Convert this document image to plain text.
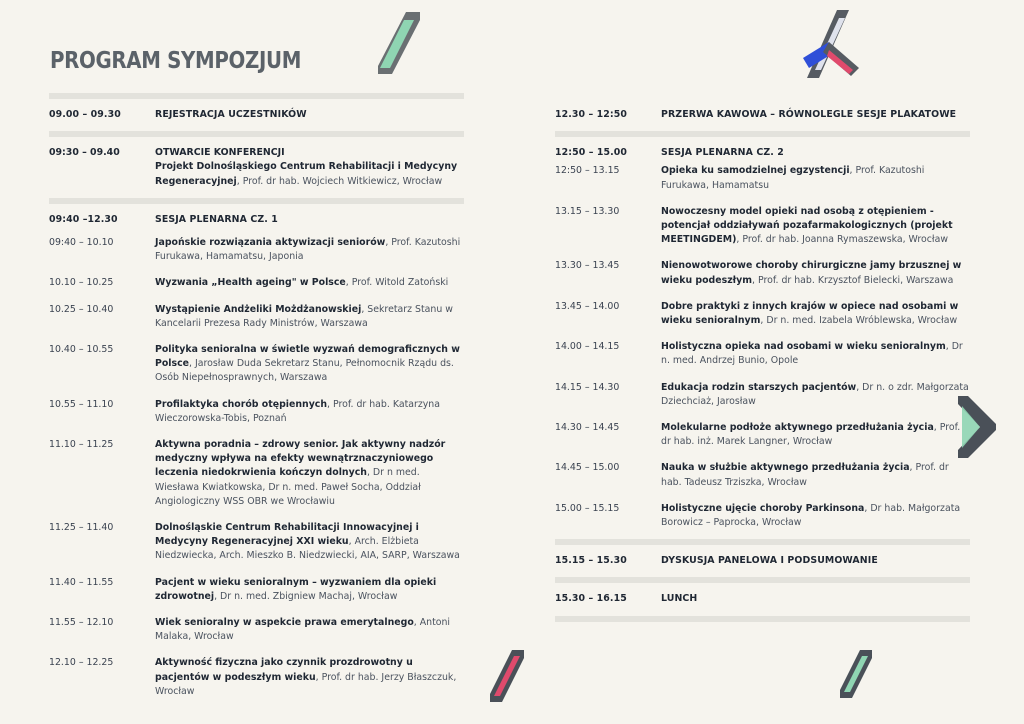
PROGRAM SYMPOZJUM
09.00 – 09.30	REJESTRACJA UCZESTNIKÓW
09:30 – 09.40	OTWARCIE KONFERENCJI
Projekt Dolnośląskiego Centrum Rehabilitacji i Medycyny Regeneracyjnej, Prof. dr hab. Wojciech Witkiewicz, Wrocław
09:40 –12.30	SESJA PLENARNA CZ. 1
09:40 – 10.10	Japońskie rozwiązania aktywizacji seniorów, Prof. Kazutoshi Furukawa, Hamamatsu, Japonia
10.10 – 10.25	Wyzwania „Health ageing" w Polsce, Prof. Witold Zatoński
10.25 – 10.40	Wystąpienie Andżeliki Możdżanowskiej, Sekretarz Stanu w Kancelarii Prezesa Rady Ministrów, Warszawa
10.40 – 10.55	Polityka senioralna w świetle wyzwań demograficznych w Polsce, Jarosław Duda Sekretarz Stanu, Pełnomocnik Rządu ds. Osób Niepełnosprawnych, Warszawa
10.55 – 11.10	Profilaktyka chorób otępiennych, Prof. dr hab. Katarzyna Wieczorowska-Tobis, Poznań
11.10 – 11.25	Aktywna poradnia – zdrowy senior. Jak aktywny nadzór medyczny wpływa na efekty wewnątrznaczyniowego leczenia niedokrwienia kończyn dolnych, Dr n med. Wiesława Kwiatkowska, Dr n. med. Paweł Socha, Oddział Angiologiczny WSS OBR we Wrocławiu
11.25 – 11.40	Dolnośląskie Centrum Rehabilitacji Innowacyjnej i Medycyny Regeneracyjnej XXI wieku, Arch. Elżbieta Niedzwiecka, Arch. Mieszko B. Niedzwiecki, AIA, SARP, Warszawa
11.40 – 11.55	Pacjent w wieku senioralnym – wyzwaniem dla opieki zdrowotnej, Dr n. med. Zbigniew Machaj, Wrocław
11.55 – 12.10	Wiek senioralny w aspekcie prawa emerytalnego, Antoni Malaka, Wrocław
12.10 – 12.25	Aktywność fizyczna jako czynnik prozdrowotny u pacjentów w podeszłym wieku, Prof. dr hab. Jerzy Błaszczuk, Wrocław
12.30 – 12:50	PRZERWA KAWOWA – RÓWNOLEGLE SESJE PLAKATOWE
12:50 – 15.00	SESJA PLENARNA CZ. 2
12:50 – 13.15	Opieka ku samodzielnej egzystencji, Prof. Kazutoshi Furukawa, Hamamatsu
13.15 – 13.30	Nowoczesny model opieki nad osobą z otępieniem - potencjał oddziaływań pozafarmakologicznych (projekt MEETINGDEM), Prof. dr hab. Joanna Rymaszewska, Wrocław
13.30 – 13.45	Nienowotworowe choroby chirurgiczne jamy brzusznej w wieku podeszłym, Prof. dr hab. Krzysztof Bielecki, Warszawa
13.45 – 14.00	Dobre praktyki z innych krajów w opiece nad osobami w wieku senioralnym, Dr n. med. Izabela Wróblewska, Wrocław
14.00 – 14.15	Holistyczna opieka nad osobami w wieku senioralnym, Dr n. med. Andrzej Bunio, Opole
14.15 – 14.30	Edukacja rodzin starszych pacjentów, Dr n. o zdr. Małgorzata Dziechciaż, Jarosław
14.30 – 14.45	Molekularne podłoże aktywnego przedłużania życia, Prof. dr hab. inż. Marek Langner, Wrocław
14.45 – 15.00	Nauka w służbie aktywnego przedłużania życia, Prof. dr hab. Tadeusz Trziszka, Wrocław
15.00 – 15.15	Holistyczne ujęcie choroby Parkinsona, Dr hab. Małgorzata Borowicz – Paprocka, Wrocław
15.15 – 15.30	DYSKUSJA PANELOWA I PODSUMOWANIE
15.30 – 16.15	LUNCH
